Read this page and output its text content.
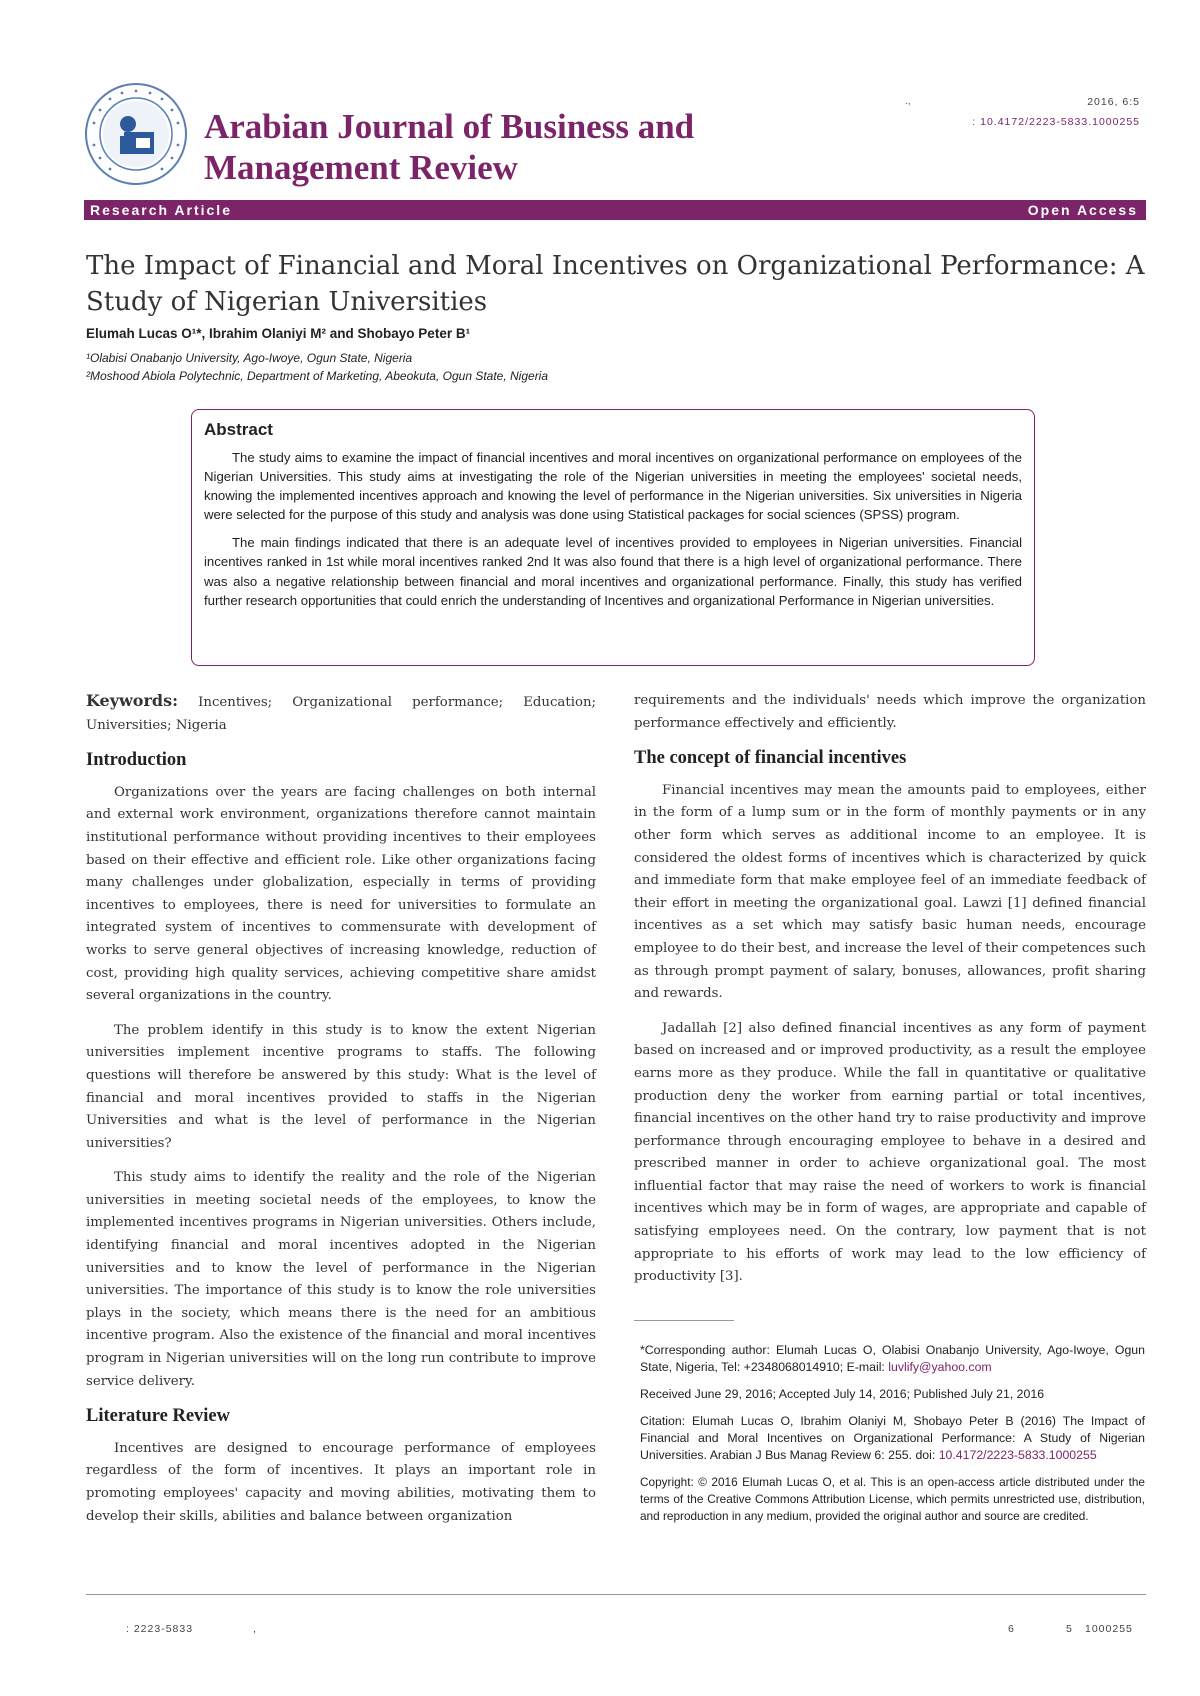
Arabian Journal of Business and Management Review
.,	2016, 6:5
: 10.4172/2223-5833.1000255
Research Article	Open Access
The Impact of Financial and Moral Incentives on Organizational Performance: A Study of Nigerian Universities
Elumah Lucas O¹*, Ibrahim Olaniyi M² and Shobayo Peter B¹
¹Olabisi Onabanjo University, Ago-Iwoye, Ogun State, Nigeria
²Moshood Abiola Polytechnic, Department of Marketing, Abeokuta, Ogun State, Nigeria
Abstract

The study aims to examine the impact of financial incentives and moral incentives on organizational performance on employees of the Nigerian Universities. This study aims at investigating the role of the Nigerian universities in meeting the employees' societal needs, knowing the implemented incentives approach and knowing the level of performance in the Nigerian universities. Six universities in Nigeria were selected for the purpose of this study and analysis was done using Statistical packages for social sciences (SPSS) program.

The main findings indicated that there is an adequate level of incentives provided to employees in Nigerian universities. Financial incentives ranked in 1st while moral incentives ranked 2nd It was also found that there is a high level of organizational performance. There was also a negative relationship between financial and moral incentives and organizational performance. Finally, this study has verified further research opportunities that could enrich the understanding of Incentives and organizational Performance in Nigerian universities.

Keywords: Incentives; Organizational performance; Education; Universities; Nigeria

Introduction

Organizations over the years are facing challenges on both internal and external work environment, organizations therefore cannot maintain institutional performance without providing incentives to their employees based on their effective and efficient role. Like other organizations facing many challenges under globalization, especially in terms of providing incentives to employees, there is need for universities to formulate an integrated system of incentives to commensurate with development of works to serve general objectives of increasing knowledge, reduction of cost, providing high quality services, achieving competitive share amidst several organizations in the country.

The problem identify in this study is to know the extent Nigerian universities implement incentive programs to staffs. The following questions will therefore be answered by this study: What is the level of financial and moral incentives provided to staffs in the Nigerian Universities and what is the level of performance in the Nigerian universities?

This study aims to identify the reality and the role of the Nigerian universities in meeting societal needs of the employees, to know the implemented incentives programs in Nigerian universities. Others include, identifying financial and moral incentives adopted in the Nigerian universities and to know the level of performance in the Nigerian universities. The importance of this study is to know the role universities plays in the society, which means there is the need for an ambitious incentive program. Also the existence of the financial and moral incentives program in Nigerian universities will on the long run contribute to improve service delivery.

Literature Review

Incentives are designed to encourage performance of employees regardless of the form of incentives. It plays an important role in promoting employees' capacity and moving abilities, motivating them to develop their skills, abilities and balance between organization

requirements and the individuals' needs which improve the organization performance effectively and efficiently.

The concept of financial incentives

Financial incentives may mean the amounts paid to employees, either in the form of a lump sum or in the form of monthly payments or in any other form which serves as additional income to an employee. It is considered the oldest forms of incentives which is characterized by quick and immediate form that make employee feel of an immediate feedback of their effort in meeting the organizational goal. Lawzi [1] defined financial incentives as a set which may satisfy basic human needs, encourage employee to do their best, and increase the level of their competences such as through prompt payment of salary, bonuses, allowances, profit sharing and rewards.

Jadallah [2] also defined financial incentives as any form of payment based on increased and or improved productivity, as a result the employee earns more as they produce. While the fall in quantitative or qualitative production deny the worker from earning partial or total incentives, financial incentives on the other hand try to raise productivity and improve performance through encouraging employee to behave in a desired and prescribed manner in order to achieve organizational goal. The most influential factor that may raise the need of workers to work is financial incentives which may be in form of wages, are appropriate and capable of satisfying employees need. On the contrary, low payment that is not appropriate to his efforts of work may lead to the low efficiency of productivity [3].

*Corresponding author: Elumah Lucas O, Olabisi Onabanjo University, Ago-Iwoye, Ogun State, Nigeria, Tel: +2348068014910; E-mail: luvlify@yahoo.com

Received June 29, 2016; Accepted July 14, 2016; Published July 21, 2016

Citation: Elumah Lucas O, Ibrahim Olaniyi M, Shobayo Peter B (2016) The Impact of Financial and Moral Incentives on Organizational Performance: A Study of Nigerian Universities. Arabian J Bus Manag Review 6: 255. doi: 10.4172/2223-5833.1000255

Copyright: © 2016 Elumah Lucas O, et al. This is an open-access article distributed under the terms of the Creative Commons Attribution License, which permits unrestricted use, distribution, and reproduction in any medium, provided the original author and source are credited.

: 2223-5833	,	6	5 1000255
